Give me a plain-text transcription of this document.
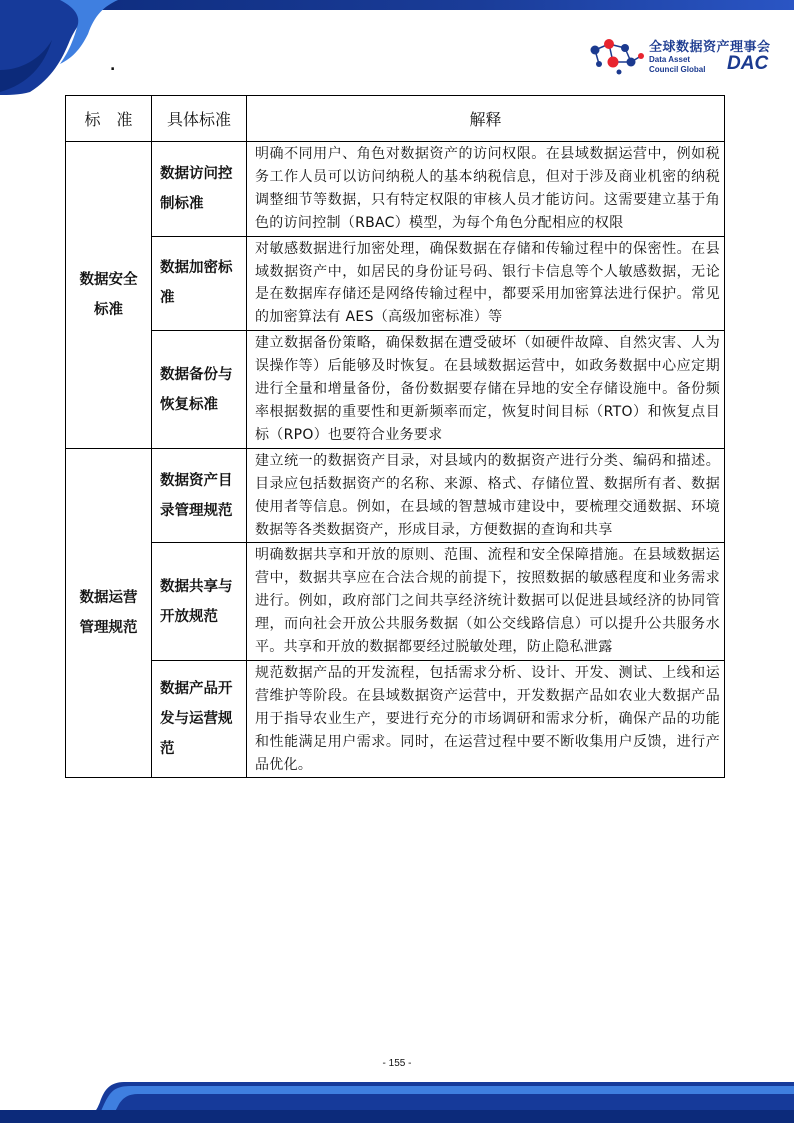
.
全球数据资产理事会
Data Asset
Council Global DAC
标　准	具体标准	解释
数据安全标准	数据访问控制标准	明确不同用户、角色对数据资产的访问权限。在县域数据运营中，例如税务工作人员可以访问纳税人的基本纳税信息，但对于涉及商业机密的纳税调整细节等数据，只有特定权限的审核人员才能访问。这需要建立基于角色的访问控制（RBAC）模型，为每个角色分配相应的权限
	数据加密标准	对敏感数据进行加密处理，确保数据在存储和传输过程中的保密性。在县域数据资产中，如居民的身份证号码、银行卡信息等个人敏感数据，无论是在数据库存储还是网络传输过程中，都要采用加密算法进行保护。常见的加密算法有 AES（高级加密标准）等
	数据备份与恢复标准	建立数据备份策略，确保数据在遭受破坏（如硬件故障、自然灾害、人为误操作等）后能够及时恢复。在县域数据运营中，如政务数据中心应定期进行全量和增量备份，备份数据要存储在异地的安全存储设施中。备份频率根据数据的重要性和更新频率而定，恢复时间目标（RTO）和恢复点目标（RPO）也要符合业务要求
数据运营管理规范	数据资产目录管理规范	建立统一的数据资产目录，对县域内的数据资产进行分类、编码和描述。目录应包括数据资产的名称、来源、格式、存储位置、数据所有者、数据使用者等信息。例如，在县域的智慧城市建设中，要梳理交通数据、环境数据等各类数据资产，形成目录，方便数据的查询和共享
	数据共享与开放规范	明确数据共享和开放的原则、范围、流程和安全保障措施。在县域数据运营中，数据共享应在合法合规的前提下，按照数据的敏感程度和业务需求进行。例如，政府部门之间共享经济统计数据可以促进县域经济的协同管理，而向社会开放公共服务数据（如公交线路信息）可以提升公共服务水平。共享和开放的数据都要经过脱敏处理，防止隐私泄露
	数据产品开发与运营规范	规范数据产品的开发流程，包括需求分析、设计、开发、测试、上线和运营维护等阶段。在县域数据资产运营中，开发数据产品如农业大数据产品用于指导农业生产，要进行充分的市场调研和需求分析，确保产品的功能和性能满足用户需求。同时，在运营过程中要不断收集用户反馈，进行产品优化。
- 155 -
